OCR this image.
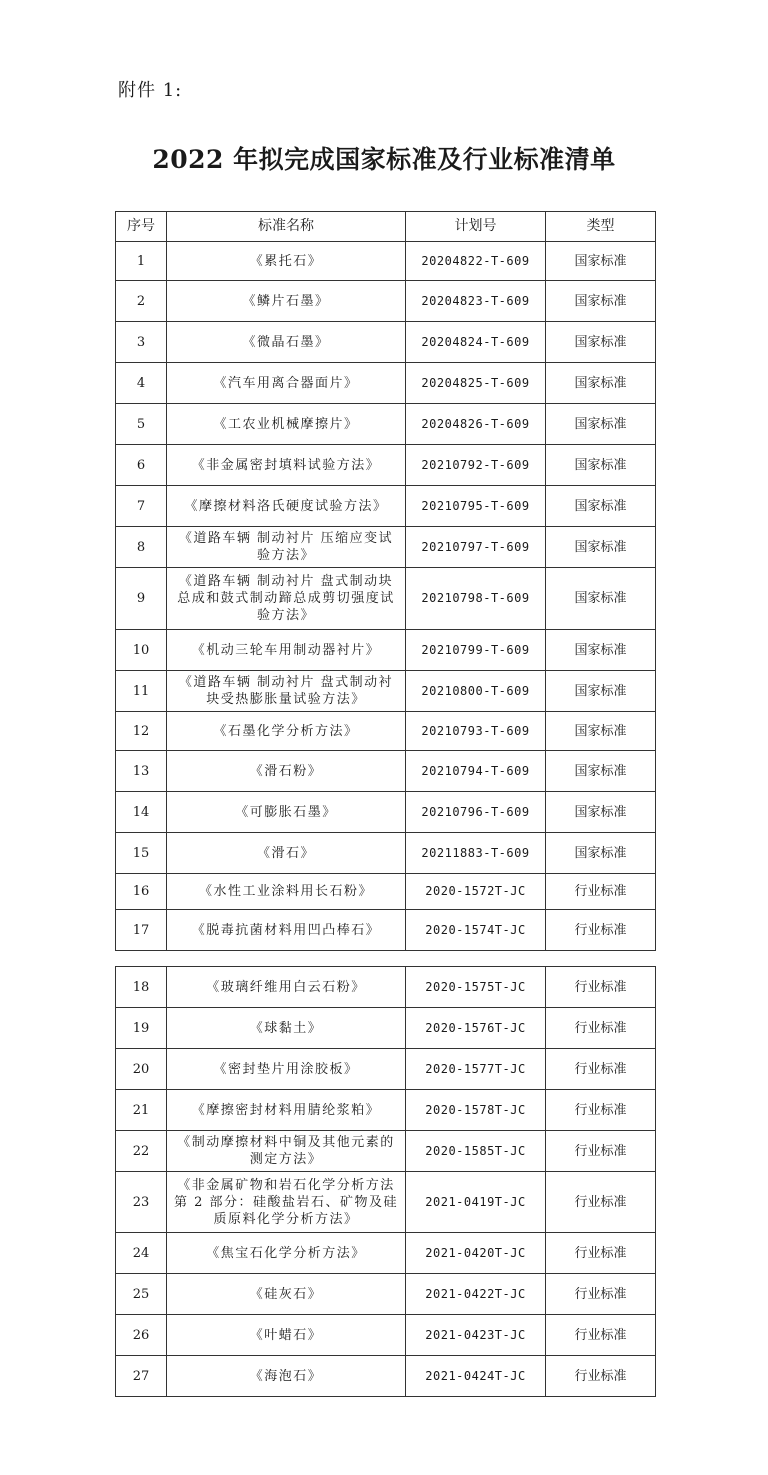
附件 1:
2022 年拟完成国家标准及行业标准清单
序号	标准名称	计划号	类型
1	《累托石》	20204822-T-609	国家标准
2	《鳞片石墨》	20204823-T-609	国家标准
3	《微晶石墨》	20204824-T-609	国家标准
4	《汽车用离合器面片》	20204825-T-609	国家标准
5	《工农业机械摩擦片》	20204826-T-609	国家标准
6	《非金属密封填料试验方法》	20210792-T-609	国家标准
7	《摩擦材料洛氏硬度试验方法》	20210795-T-609	国家标准
8	《道路车辆 制动衬片 压缩应变试验方法》	20210797-T-609	国家标准
9	《道路车辆 制动衬片 盘式制动块总成和鼓式制动蹄总成剪切强度试验方法》	20210798-T-609	国家标准
10	《机动三轮车用制动器衬片》	20210799-T-609	国家标准
11	《道路车辆 制动衬片 盘式制动衬块受热膨胀量试验方法》	20210800-T-609	国家标准
12	《石墨化学分析方法》	20210793-T-609	国家标准
13	《滑石粉》	20210794-T-609	国家标准
14	《可膨胀石墨》	20210796-T-609	国家标准
15	《滑石》	20211883-T-609	国家标准
16	《水性工业涂料用长石粉》	2020-1572T-JC	行业标准
17	《脱毒抗菌材料用凹凸棒石》	2020-1574T-JC	行业标准
18	《玻璃纤维用白云石粉》	2020-1575T-JC	行业标准
19	《球黏土》	2020-1576T-JC	行业标准
20	《密封垫片用涂胶板》	2020-1577T-JC	行业标准
21	《摩擦密封材料用腈纶浆粕》	2020-1578T-JC	行业标准
22	《制动摩擦材料中铜及其他元素的测定方法》	2020-1585T-JC	行业标准
23	《非金属矿物和岩石化学分析方法 第 2 部分：硅酸盐岩石、矿物及硅质原料化学分析方法》	2021-0419T-JC	行业标准
24	《焦宝石化学分析方法》	2021-0420T-JC	行业标准
25	《硅灰石》	2021-0422T-JC	行业标准
26	《叶蜡石》	2021-0423T-JC	行业标准
27	《海泡石》	2021-0424T-JC	行业标准
